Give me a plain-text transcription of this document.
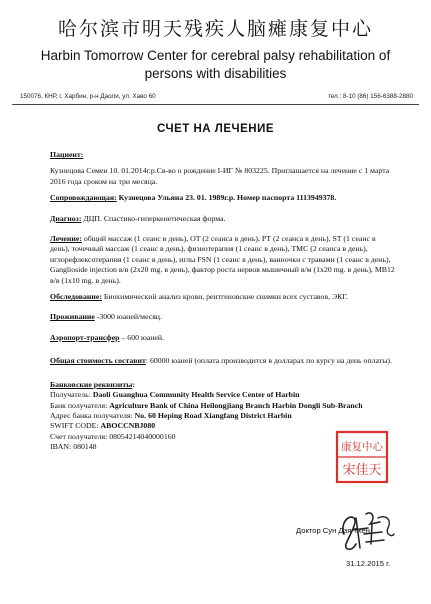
哈尔滨市明天残疾人脑瘫康复中心
Harbin Tomorrow Center for cerebral palsy rehabilitation of persons with disabilities
150076, КНР, г. Харбин, р-н Даоли, ул. Хаво 60	тел.: 8-10 (86) 156-6388-2880
СЧЕТ НА ЛЕЧЕНИЕ

Пациент:

Кузнецова Семен 10. 01.2014г.р.Св-во о рождение I-ИГ № 803225. Приглашается на лечение с 1 марта 2016 года сроком на три месяца.

Сопровождающая: Кузнецова Ульяна 23. 01. 1989г.р. Номер паспорта 1113949378.

Диагноз: ДЦП. Спастико-гиперкенетическая форма.

Лечение: общий массаж (1 сеанс в день), ОТ (2 сеанса в день), РТ (2 сеанса в день), ST (1 сеанс в день), точечный массаж (1 сеанс в день), физиотерапия (1 сеанс в день), ТМС (2 сеанса в день), иглорефлексотерапия (1 сеанс в день), иглы FSN (1 сеанс в день), ванночки с травами (1 сеанс в день), Ganglioside injection в/в (2х20 mg. в день), фактор роста нервов мышечный в/м (1х20 mg. в день), MB12 в/в (1х10 mg. в день).

Обследование: Биохимический анализ крови, рентгеновские снимки всех суставов, ЭКГ.

Проживание -3000 юаней/месяц.

Аэропорт-трансфер – 600 юаней.

Общая стоимость составит: 60000 юаней (оплата производится в долларах по курсу на день оплаты).

Банковские реквизиты:

Получатель: Daoli Guanghua Community Health Service Center of Harbin

Банк получателя: Agriculture Bank of China Heilongjiang Branch Harbin Dongli Sub-Branch

Адрес банка получателя: No. 60 Heping Road Xiangfang District Harbin

SWIFT CODE: ABOCCNBJ080

Счет получателя: 08054214040000160

IBAN: 080148	康复中心
宋佳天
Доктор Сун Дзя Тхен
31.12.2015 г.
